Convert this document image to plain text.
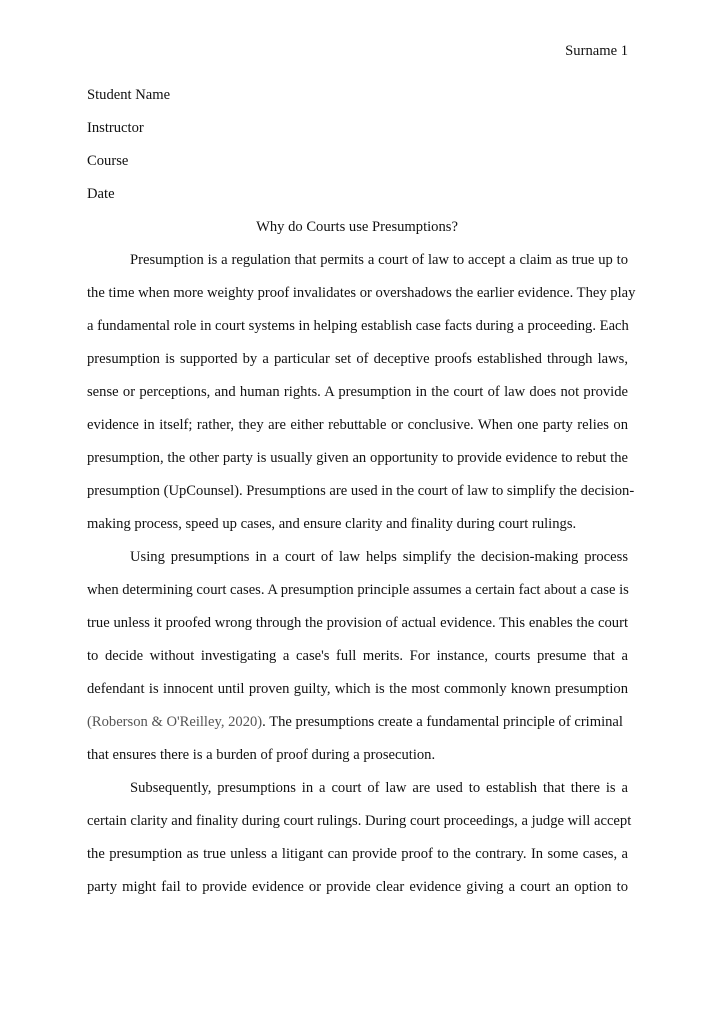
Surname 1
Student Name
Instructor
Course
Date
Why do Courts use Presumptions?
Presumption is a regulation that permits a court of law to accept a claim as true up to
the time when more weighty proof invalidates or overshadows the earlier evidence. They play
a fundamental role in court systems in helping establish case facts during a proceeding. Each
presumption is supported by a particular set of deceptive proofs established through laws,
sense or perceptions, and human rights. A presumption in the court of law does not provide
evidence in itself; rather, they are either rebuttable or conclusive. When one party relies on
presumption, the other party is usually given an opportunity to provide evidence to rebut the
presumption (UpCounsel). Presumptions are used in the court of law to simplify the decision-
making process, speed up cases, and ensure clarity and finality during court rulings.
Using presumptions in a court of law helps simplify the decision-making process
when determining court cases. A presumption principle assumes a certain fact about a case is
true unless it proofed wrong through the provision of actual evidence. This enables the court
to decide without investigating a case's full merits. For instance, courts presume that a
defendant is innocent until proven guilty, which is the most commonly known presumption
(Roberson & O'Reilley, 2020). The presumptions create a fundamental principle of criminal
that ensures there is a burden of proof during a prosecution.
Subsequently, presumptions in a court of law are used to establish that there is a
certain clarity and finality during court rulings. During court proceedings, a judge will accept
the presumption as true unless a litigant can provide proof to the contrary. In some cases, a
party might fail to provide evidence or provide clear evidence giving a court an option to
